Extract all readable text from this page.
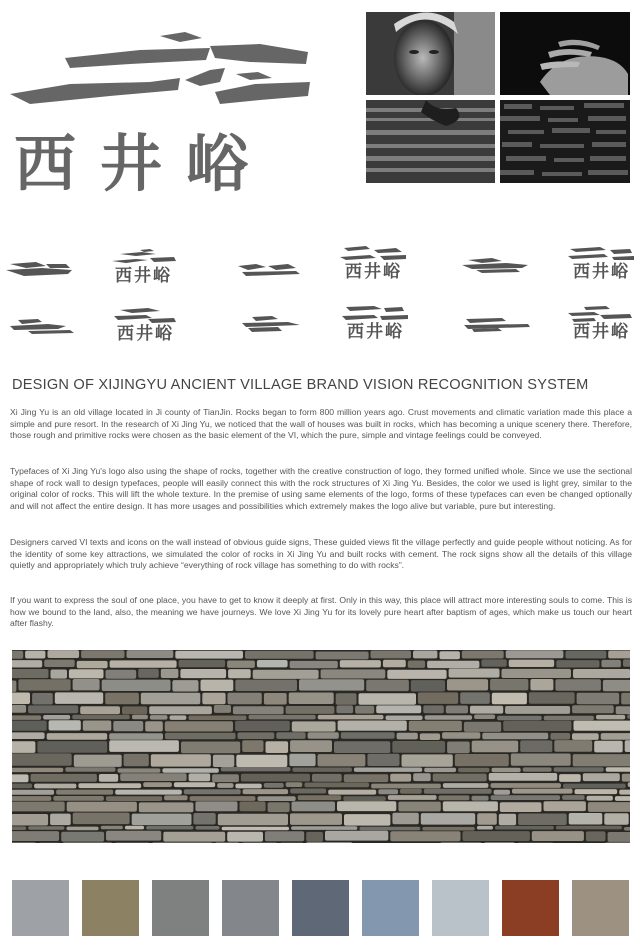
西井峪
西井峪	西井峪	西井峪
西井峪	西井峪	西井峪
DESIGN OF XIJINGYU ANCIENT VILLAGE BRAND VISION RECOGNITION SYSTEM

Xi Jing Yu is an old village located in Ji county of TianJin. Rocks began to form 800 million years ago. Crust movements and climatic variation made this place a simple and pure resort. In the research of Xi Jing Yu, we noticed that the wall of houses was built in rocks, which has becoming a unique scenery there. Therefore, those rough and primitive rocks were chosen as the basic element of the VI, which the pure, simple and vintage feelings could be conveyed.

Typefaces of Xi Jing Yu's logo also using the shape of rocks, together with the creative construction of logo, they formed unified whole. Since we use the sectional shape of rock wall to design typefaces, people will easily connect this with the rock structures of Xi Jing Yu. Besides, the color we used is light grey, similar to the original color of rocks. This will lift the whole texture. In the premise of using same elements of the logo, forms of these typefaces can even be changed optionally and will not affect the entire design. It has more usages and possibilities which extremely makes the logo alive but variable, pure but interesting.

Designers carved VI texts and icons on the wall instead of obvious guide signs, These guided views fit the village perfectly and guide people without noticing. As for the identity of some key attractions, we simulated the color of rocks in Xi Jing Yu and built rocks with cement. The rock signs show all the details of this village quietly and appropriately which truly achieve “everything of rock village has something to do with rocks”.

If you want to express the soul of one place, you have to get to know it deeply at first. Only in this way, this place will attract more interesting souls to come. This is how we bound to the land, also, the meaning we have journeys. We love Xi Jing Yu for its lovely pure heart after baptism of ages, which make us touch our heart after flashy.
